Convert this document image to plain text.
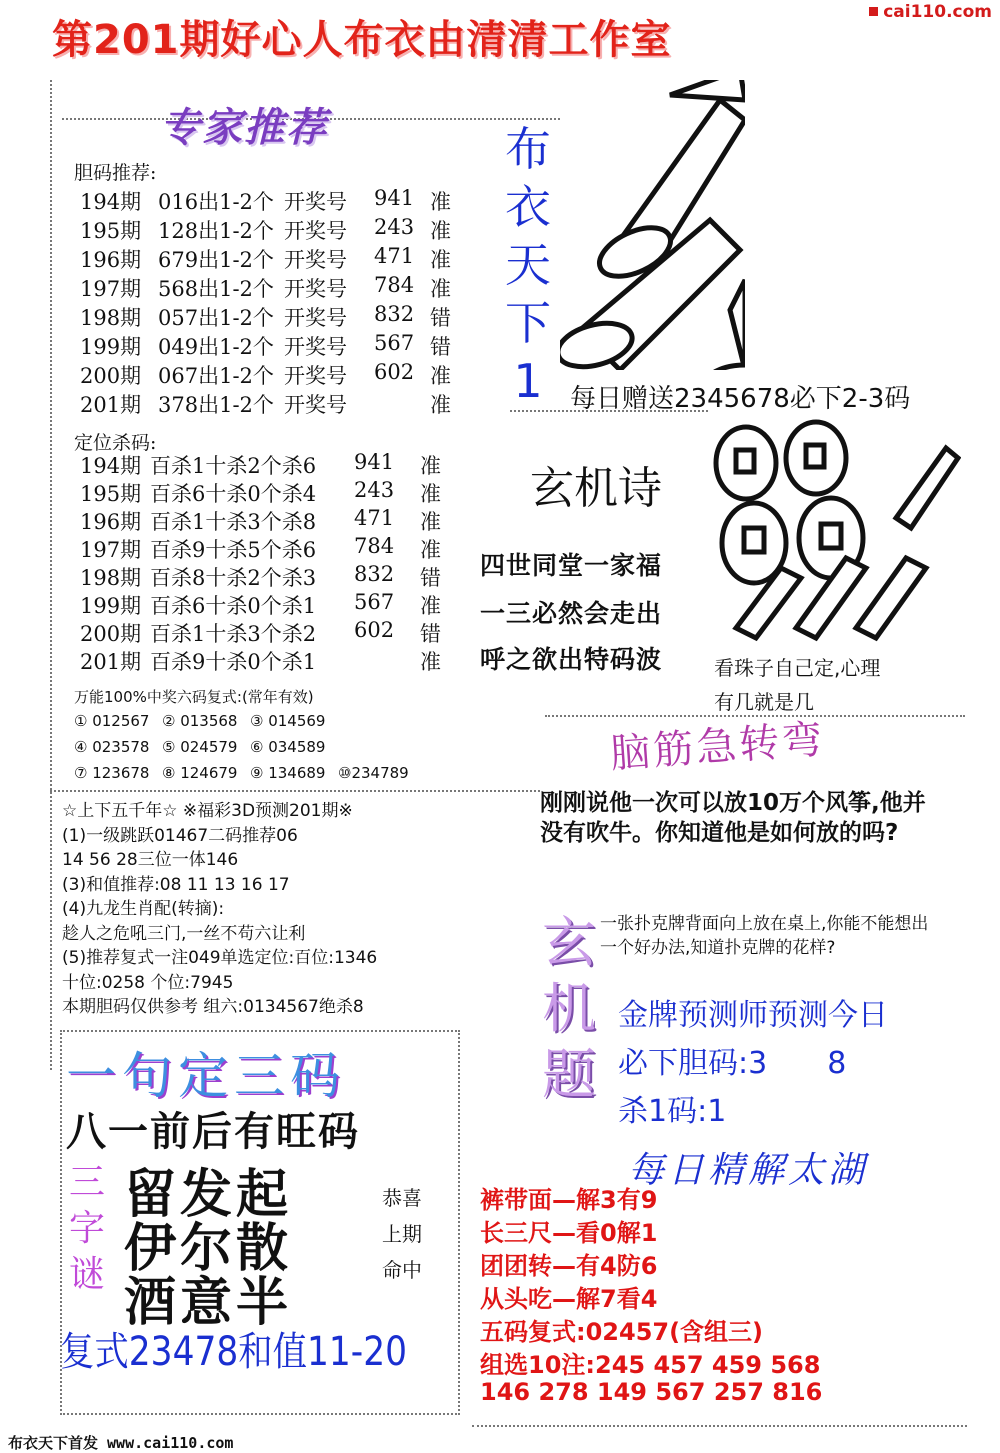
第201期好心人布衣由清清工作室
cai110.com
专家推荐
胆码推荐:
194期 016出1-2个 开奖号 941 准
195期 128出1-2个 开奖号 243 准
196期 679出1-2个 开奖号 471 准
197期 568出1-2个 开奖号 784 准
198期 057出1-2个 开奖号 832 错
199期 049出1-2个 开奖号 567 错
200期 067出1-2个 开奖号 602 准
201期 378出1-2个 开奖号	准
定位杀码:
194期 百杀1十杀2个杀6 941 准
195期 百杀6十杀0个杀4 243 准
196期 百杀1十杀3个杀8 471 准
197期 百杀9十杀5个杀6 784 准
198期 百杀8十杀2个杀3 832 错
199期 百杀6十杀0个杀1 567 准
200期 百杀1十杀3个杀2 602 错
201期 百杀9十杀0个杀1	准
万能100%中奖六码复式:(常年有效)
① 012567 ② 013568 ③ 014569
④ 023578 ⑤ 024579 ⑥ 034589
⑦ 123678 ⑧ 124679 ⑨ 134689 ⑩234789
☆上下五千年☆ ※福彩3D预测201期※
(1)一级跳跃01467二码推荐06
14 56 28三位一体146
(3)和值推荐:08 11 13 16 17
(4)九龙生肖配(转摘):
趁人之危吼三门,一丝不苟六让利
(5)推荐复式一注049单选定位:百位:1346
十位:0258 个位:7945
本期胆码仅供参考 组六:0134567绝杀8
布
衣
天
下
1	每日赠送2345678必下2-3码
玄机诗
四世同堂一家福
一三必然会走出
呼之欲出特码波	看珠子自己定,心理
有几就是几
脑筋急转弯
刚刚说他一次可以放10万个风筝,他并没有吹牛。你知道他是如何放的吗?
玄
机
题
一张扑克牌背面向上放在桌上,你能不能想出一个好办法,知道扑克牌的花样?
金牌预测师预测今日
必下胆码:3　　8
杀1码:1
一句定三码
八一前后有旺码
三
字
谜
留发起
伊尔散
酒意半
恭喜
上期
命中
复式23478和值11-20
每日精解太湖
裤带面—解3有9
长三尺—看0解1
团团转—有4防6
从头吃—解7看4
五码复式:02457(含组三)
组选10注:245 457 459 568
146 278 149 567 257 816
布衣天下首发 www.cai110.com
